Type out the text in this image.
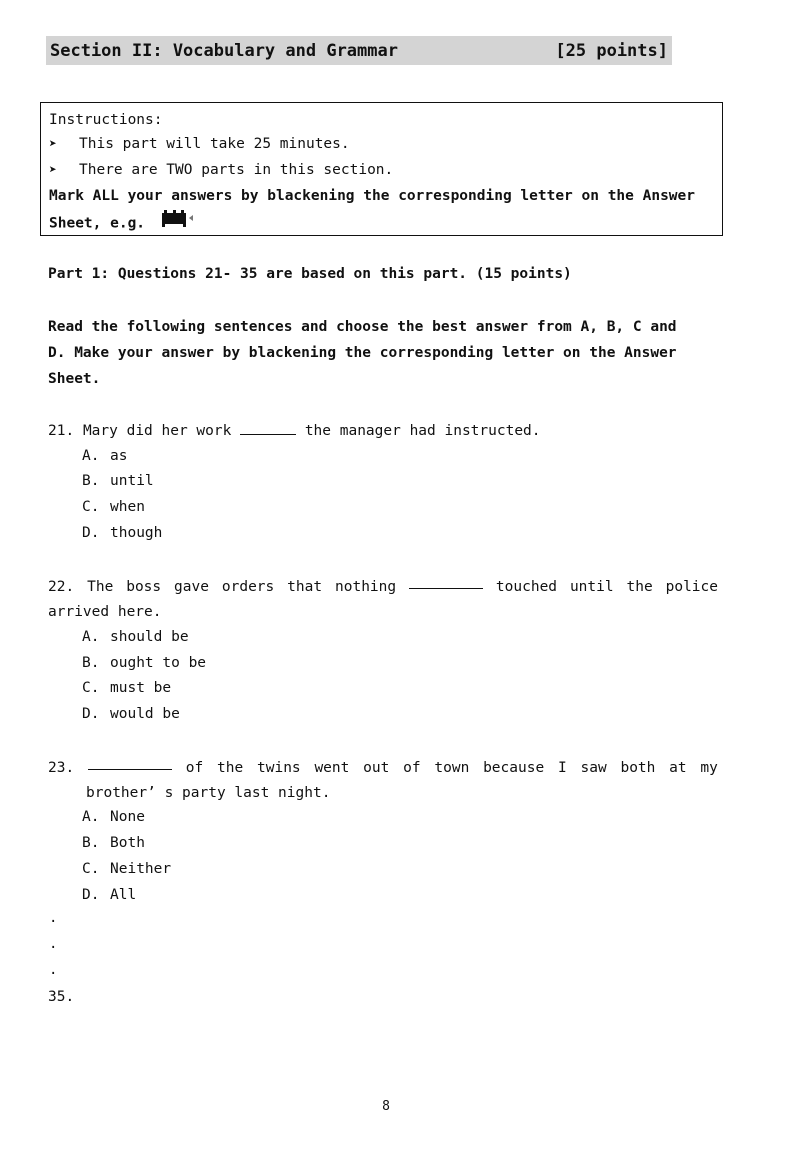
Section II: Vocabulary and Grammar	[25 points]
Instructions:
➤ This part will take 25 minutes.
➤ There are TWO parts in this section.
Mark ALL your answers by blackening the corresponding letter on the Answer
Sheet, e.g.
Part 1: Questions 21- 35 are based on this part. (15 points)
Read the following sentences and choose the best answer from A, B, C and
D. Make your answer by blackening the corresponding letter on the Answer
Sheet.
21. Mary did her work	the manager had instructed.
A. as
B. until
C. when
D. though
22. The boss gave orders that nothing	touched until the police
arrived here.
A. should be
B. ought to be
C. must be
D. would be
23.	of the twins went out of town because I saw both at my
brother’ s party last night.
A. None
B. Both
C. Neither
D. All
.
.
.
35.
8
